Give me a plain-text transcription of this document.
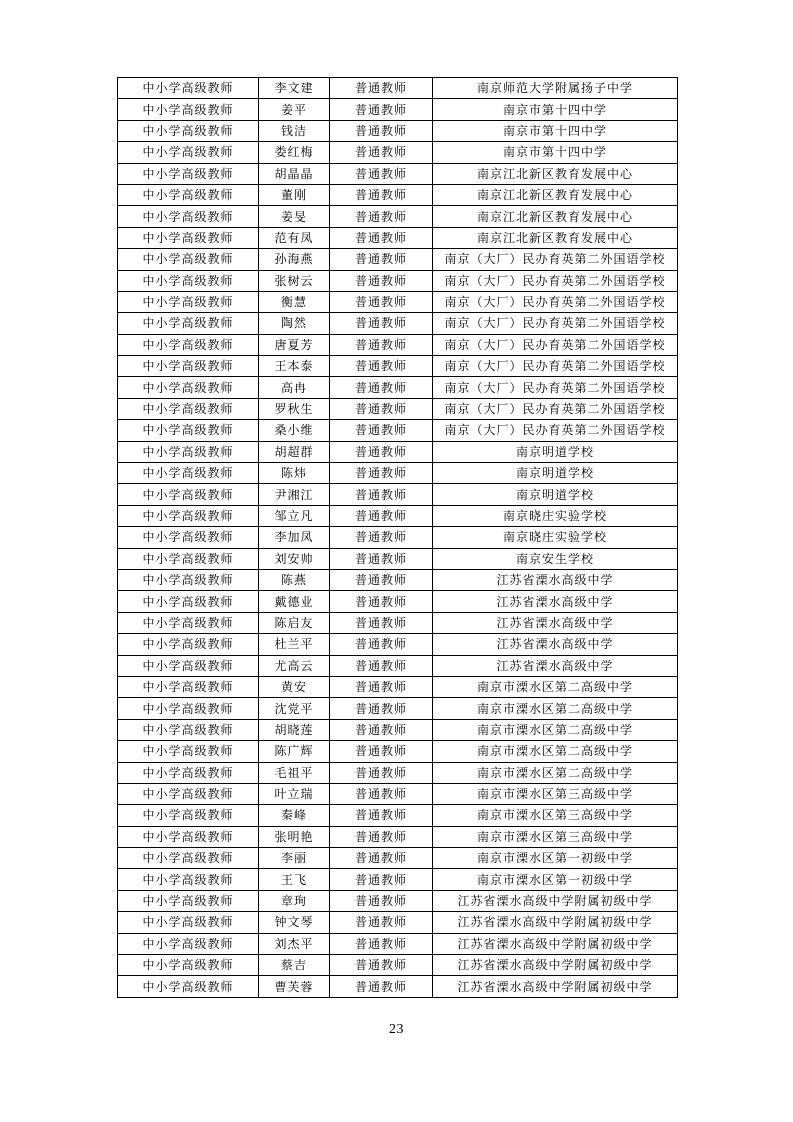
中小学高级教师	李文建	普通教师	南京师范大学附属扬子中学
中小学高级教师	姜平	普通教师	南京市第十四中学
中小学高级教师	钱洁	普通教师	南京市第十四中学
中小学高级教师	娄红梅	普通教师	南京市第十四中学
中小学高级教师	胡晶晶	普通教师	南京江北新区教育发展中心
中小学高级教师	董刚	普通教师	南京江北新区教育发展中心
中小学高级教师	姜旻	普通教师	南京江北新区教育发展中心
中小学高级教师	范有凤	普通教师	南京江北新区教育发展中心
中小学高级教师	孙海燕	普通教师	南京（大厂）民办育英第二外国语学校
中小学高级教师	张树云	普通教师	南京（大厂）民办育英第二外国语学校
中小学高级教师	衡慧	普通教师	南京（大厂）民办育英第二外国语学校
中小学高级教师	陶然	普通教师	南京（大厂）民办育英第二外国语学校
中小学高级教师	唐夏芳	普通教师	南京（大厂）民办育英第二外国语学校
中小学高级教师	王本泰	普通教师	南京（大厂）民办育英第二外国语学校
中小学高级教师	高冉	普通教师	南京（大厂）民办育英第二外国语学校
中小学高级教师	罗秋生	普通教师	南京（大厂）民办育英第二外国语学校
中小学高级教师	桑小维	普通教师	南京（大厂）民办育英第二外国语学校
中小学高级教师	胡超群	普通教师	南京明道学校
中小学高级教师	陈炜	普通教师	南京明道学校
中小学高级教师	尹湘江	普通教师	南京明道学校
中小学高级教师	邹立凡	普通教师	南京晓庄实验学校
中小学高级教师	李加凤	普通教师	南京晓庄实验学校
中小学高级教师	刘安帅	普通教师	南京安生学校
中小学高级教师	陈燕	普通教师	江苏省溧水高级中学
中小学高级教师	戴德业	普通教师	江苏省溧水高级中学
中小学高级教师	陈启友	普通教师	江苏省溧水高级中学
中小学高级教师	杜兰平	普通教师	江苏省溧水高级中学
中小学高级教师	尤高云	普通教师	江苏省溧水高级中学
中小学高级教师	黄安	普通教师	南京市溧水区第二高级中学
中小学高级教师	沈党平	普通教师	南京市溧水区第二高级中学
中小学高级教师	胡晓莲	普通教师	南京市溧水区第二高级中学
中小学高级教师	陈广辉	普通教师	南京市溧水区第二高级中学
中小学高级教师	毛祖平	普通教师	南京市溧水区第二高级中学
中小学高级教师	叶立瑞	普通教师	南京市溧水区第三高级中学
中小学高级教师	秦峰	普通教师	南京市溧水区第三高级中学
中小学高级教师	张明艳	普通教师	南京市溧水区第三高级中学
中小学高级教师	李丽	普通教师	南京市溧水区第一初级中学
中小学高级教师	王飞	普通教师	南京市溧水区第一初级中学
中小学高级教师	章珣	普通教师	江苏省溧水高级中学附属初级中学
中小学高级教师	钟文琴	普通教师	江苏省溧水高级中学附属初级中学
中小学高级教师	刘杰平	普通教师	江苏省溧水高级中学附属初级中学
中小学高级教师	蔡吉	普通教师	江苏省溧水高级中学附属初级中学
中小学高级教师	曹芙蓉	普通教师	江苏省溧水高级中学附属初级中学
23
